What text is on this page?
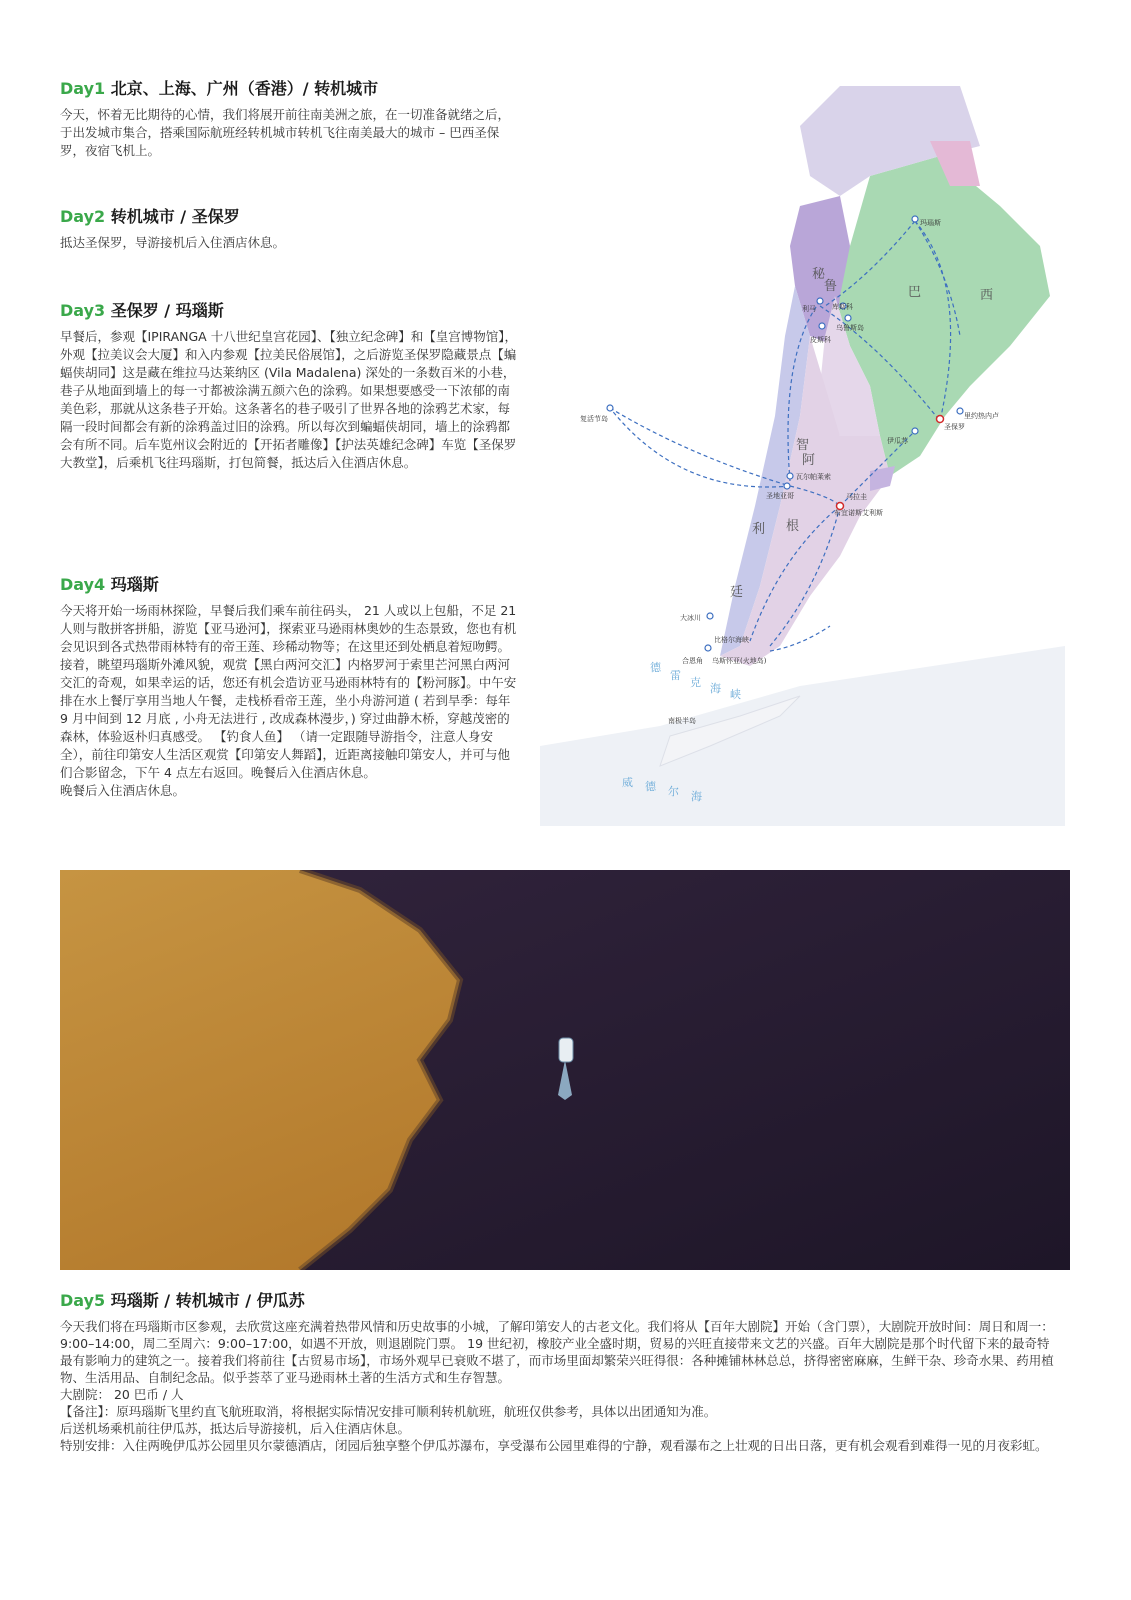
Day1 北京、上海、广州（香港）/ 转机城市

今天，怀着无比期待的心情，我们将展开前往南美洲之旅，在一切准备就绪之后，于出发城市集合，搭乘国际航班经转机城市转机飞往南美最大的城市 – 巴西圣保罗，夜宿飞机上。

Day2 转机城市 / 圣保罗

抵达圣保罗，导游接机后入住酒店休息。

Day3 圣保罗 / 玛瑙斯

早餐后，参观【IPIRANGA 十八世纪皇宫花园】、【独立纪念碑】和【皇宫博物馆】， 外观【拉美议会大厦】和入内参观【拉美民俗展馆】，之后游览圣保罗隐藏景点【蝙蝠侠胡同】这是藏在维拉马达莱纳区 (Vila Madalena) 深处的一条数百米的小巷，巷子从地面到墙上的每一寸都被涂满五颜六色的涂鸦。如果想要感受一下浓郁的南美色彩，那就从这条巷子开始。这条著名的巷子吸引了世界各地的涂鸦艺术家，每隔一段时间都会有新的涂鸦盖过旧的涂鸦。所以每次到蝙蝠侠胡同，墙上的涂鸦都会有所不同。后车览州议会附近的【开拓者雕像】【护法英雄纪念碑】车览【圣保罗大教堂】，后乘机飞往玛瑙斯，打包简餐，抵达后入住酒店休息。

Day4 玛瑙斯

今天将开始一场雨林探险，早餐后我们乘车前往码头， 21 人或以上包船，不足 21 人则与散拼客拼船，游览【亚马逊河】，探索亚马逊雨林奥妙的生态景致，您也有机会见识到各式热带雨林特有的帝王莲、珍稀动物等；在这里还到处栖息着短吻鳄。接着，眺望玛瑙斯外滩风貌，观赏【黑白两河交汇】内格罗河于索里芒河黑白两河交汇的奇观，如果幸运的话，您还有机会造访亚马逊雨林特有的【粉河豚】。中午安排在水上餐厅享用当地人午餐，走栈桥看帝王莲，坐小舟游河道 ( 若到旱季：每年 9 月中间到 12 月底 , 小舟无法进行 , 改成森林漫步，) 穿过曲静木桥，穿越茂密的森林，体验返朴归真感受。 【钓食人鱼】 （请一定跟随导游指令，注意人身安全），前往印第安人生活区观赏【印第安人舞蹈】，近距离接触印第安人，并可与他们合影留念，下午 4 点左右返回。晚餐后入住酒店休息。
晚餐后入住酒店休息。

巴	西
秘
鲁
智
利
阿
根
廷
德
雷
克 海 峡
威 德 尔 海
玛瑙斯
利马 库斯科
乌鲁斯岛
皮斯科
复活节岛	里约热内卢
圣保罗
伊瓜苏
瓦尔帕莱索
圣地亚哥
布宜诺斯艾利斯
马拉圭
大冰川
比格尔海峡
合恩角 乌斯怀亚(火地岛)
南极半岛
Day5 玛瑙斯 / 转机城市 / 伊瓜苏

今天我们将在玛瑙斯市区参观，去欣赏这座充满着热带风情和历史故事的小城，了解印第安人的古老文化。我们将从【百年大剧院】开始（含门票），大剧院开放时间：周日和周一：9:00–14:00，周二至周六：9:00–17:00，如遇不开放，则退剧院门票。 19 世纪初，橡胶产业全盛时期，贸易的兴旺直接带来文艺的兴盛。百年大剧院是那个时代留下来的最奇特最有影响力的建筑之一。接着我们将前往【古贸易市场】，市场外观早已衰败不堪了，而市场里面却繁荣兴旺得很：各种摊铺林林总总，挤得密密麻麻，生鲜干杂、珍奇水果、药用植物、生活用品、自制纪念品。似乎荟萃了亚马逊雨林土著的生活方式和生存智慧。
大剧院： 20 巴币 / 人
【备注】：原玛瑙斯飞里约直飞航班取消，将根据实际情况安排可顺利转机航班，航班仅供参考，具体以出团通知为准。
后送机场乘机前往伊瓜苏，抵达后导游接机，后入住酒店休息。
特别安排：入住两晚伊瓜苏公园里贝尔蒙德酒店，闭园后独享整个伊瓜苏瀑布，享受瀑布公园里难得的宁静，观看瀑布之上壮观的日出日落，更有机会观看到难得一见的月夜彩虹。
